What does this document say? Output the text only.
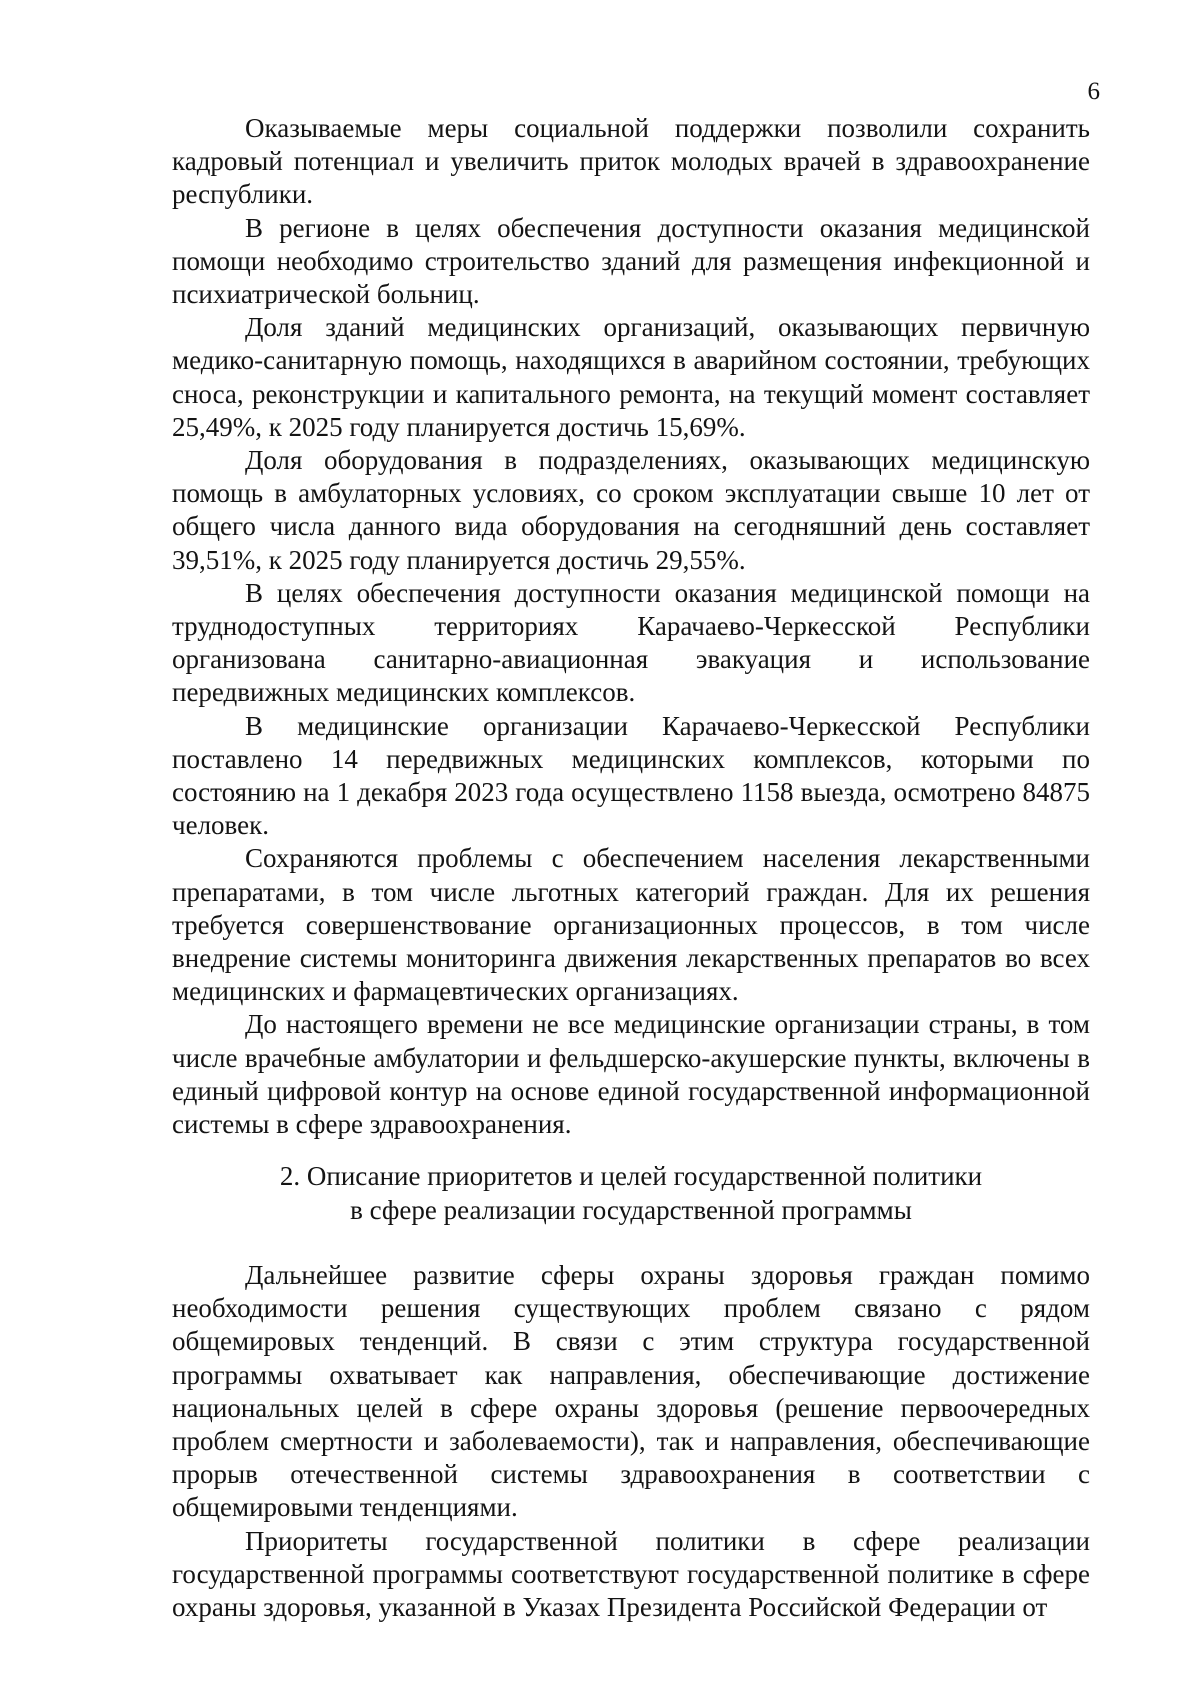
6

Оказываемые меры социальной поддержки позволили сохранить кадровый потенциал и увеличить приток молодых врачей в здравоохранение республики.

В регионе в целях обеспечения доступности оказания медицинской помощи необходимо строительство зданий для размещения инфекционной и психиатрической больниц.

Доля зданий медицинских организаций, оказывающих первичную медико-санитарную помощь, находящихся в аварийном состоянии, требующих сноса, реконструкции и капитального ремонта, на текущий момент составляет 25,49%, к 2025 году планируется достичь 15,69%.

Доля оборудования в подразделениях, оказывающих медицинскую помощь в амбулаторных условиях, со сроком эксплуатации свыше 10 лет от общего числа данного вида оборудования на сегодняшний день составляет 39,51%, к 2025 году планируется достичь 29,55%.

В целях обеспечения доступности оказания медицинской помощи на труднодоступных территориях Карачаево-Черкесской Республики организована санитарно-авиационная эвакуация и использование передвижных медицинских комплексов.

В медицинские организации Карачаево-Черкесской Республики поставлено 14 передвижных медицинских комплексов, которыми по состоянию на 1 декабря 2023 года осуществлено 1158 выезда, осмотрено 84875 человек.

Сохраняются проблемы с обеспечением населения лекарственными препаратами, в том числе льготных категорий граждан. Для их решения требуется совершенствование организационных процессов, в том числе внедрение системы мониторинга движения лекарственных препаратов во всех медицинских и фармацевтических организациях.

До настоящего времени не все медицинские организации страны, в том числе врачебные амбулатории и фельдшерско-акушерские пункты, включены в единый цифровой контур на основе единой государственной информационной системы в сфере здравоохранения.

2. Описание приоритетов и целей государственной политики
в сфере реализации государственной программы

Дальнейшее развитие сферы охраны здоровья граждан помимо необходимости решения существующих проблем связано с рядом общемировых тенденций. В связи с этим структура государственной программы охватывает как направления, обеспечивающие достижение национальных целей в сфере охраны здоровья (решение первоочередных проблем смертности и заболеваемости), так и направления, обеспечивающие прорыв отечественной системы здравоохранения в соответствии с общемировыми тенденциями.

Приоритеты государственной политики в сфере реализации государственной программы соответствуют государственной политике в сфере охраны здоровья, указанной в Указах Президента Российской Федерации от
